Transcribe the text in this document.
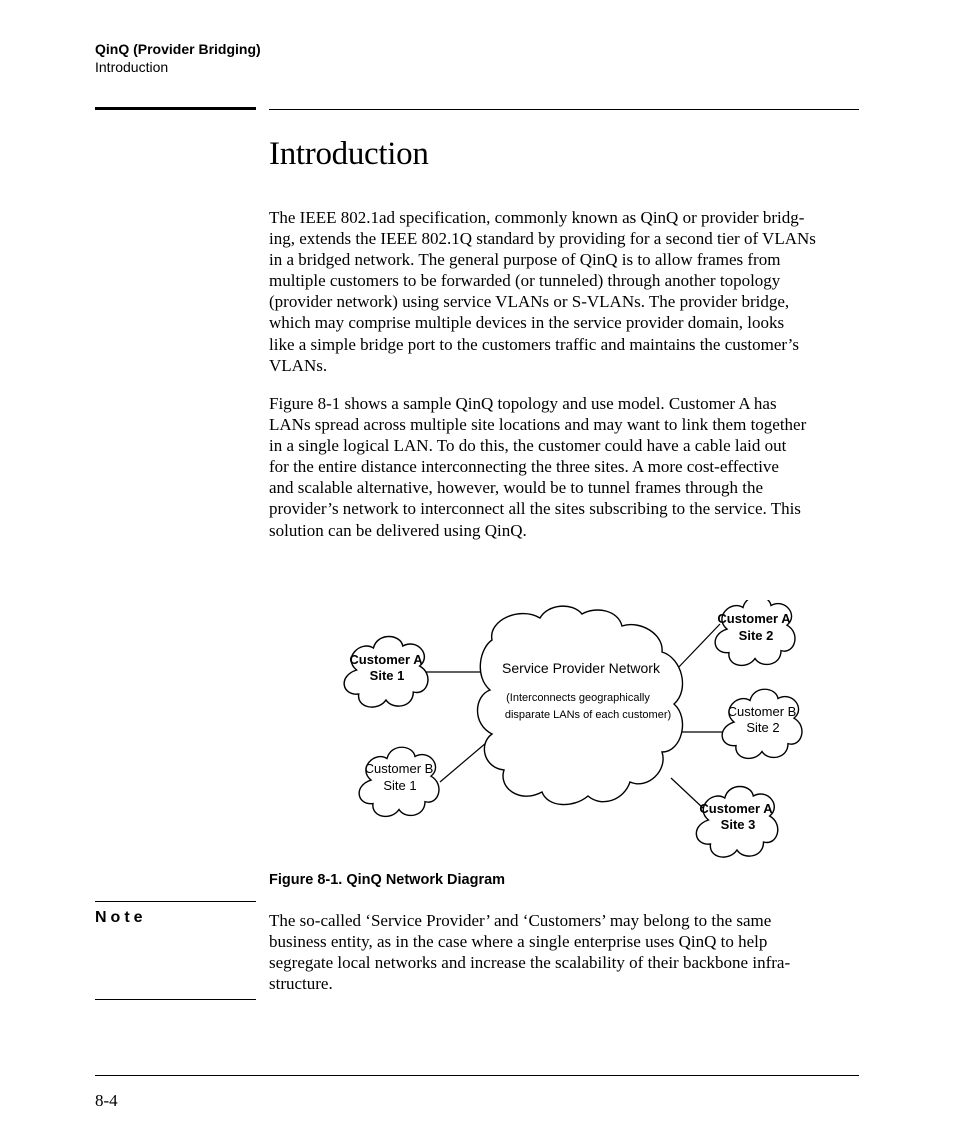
QinQ (Provider Bridging)
Introduction
Introduction

The IEEE 802.1ad specification, commonly known as QinQ or provider bridg-
ing, extends the IEEE 802.1Q standard by providing for a second tier of VLANs
in a bridged network. The general purpose of QinQ is to allow frames from
multiple customers to be forwarded (or tunneled) through another topology
(provider network) using service VLANs or S-VLANs. The provider bridge,
which may comprise multiple devices in the service provider domain, looks
like a simple bridge port to the customers traffic and maintains the customer’s
VLANs.

Figure 8-1 shows a sample QinQ topology and use model. Customer A has
LANs spread across multiple site locations and may want to link them together
in a single logical LAN. To do this, the customer could have a cable laid out
for the entire distance interconnecting the three sites. A more cost-effective
and scalable alternative, however, would be to tunnel frames through the
provider’s network to interconnect all the sites subscribing to the service. This
solution can be delivered using QinQ.

Service Provider Network
(Interconnects geographically
disparate LANs of each customer)
Customer A
Site 1
Customer B
Site 1
Customer A
Site 2
Customer B
Site 2
Customer A
Site 3
Figure 8-1. QinQ Network Diagram
Note	The so-called ‘Service Provider’ and ‘Customers’ may belong to the same
business entity, as in the case where a single enterprise uses QinQ to help
segregate local networks and increase the scalability of their backbone infra-
structure.

8-4
